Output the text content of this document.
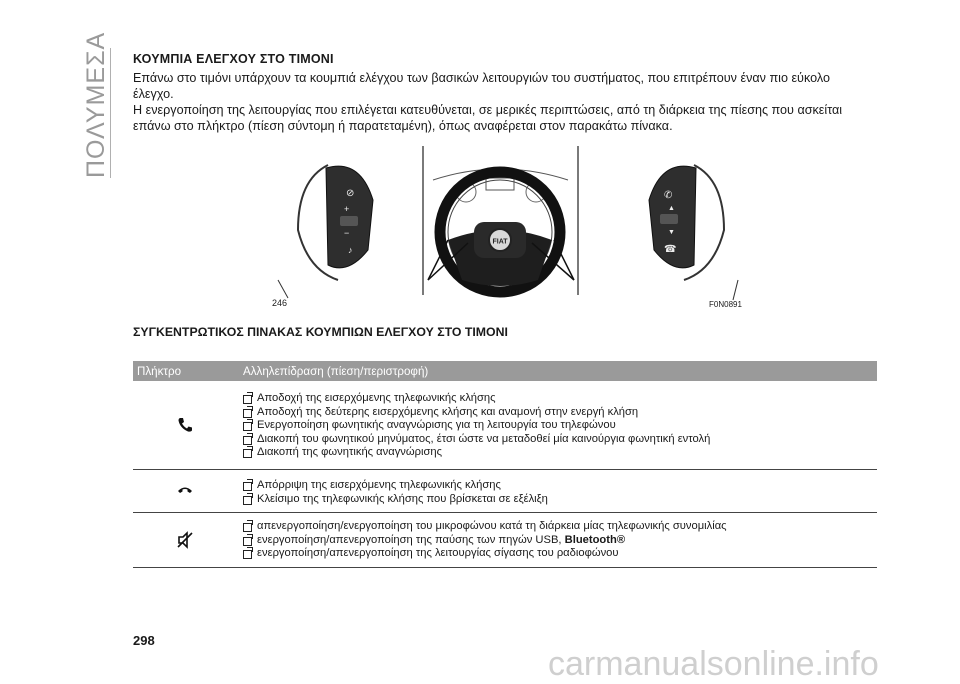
ΠΟΛΥΜΕΣΑ ΚΟΥΜΠΙΑ ΕΛΕΓΧΟΥ ΣΤΟ ΤΙΜΟΝΙ

Επάνω στο τιμόνι υπάρχουν τα κουμπιά ελέγχου των βασικών λειτουργιών του συστήματος, που επιτρέπουν έναν πιο εύκολο έλεγχο.

Η ενεργοποίηση της λειτουργίας που επιλέγεται κατευθύνεται, σε μερικές περιπτώσεις, από τη διάρκεια της πίεσης που ασκείται επάνω στο πλήκτρο (πίεση σύντομη ή παρατεταμένη), όπως αναφέρεται στον παρακάτω πίνακα.

FIAT
⊘
+
−
♪
✆
▲
▼
☎
246	F0N0891
ΣΥΓΚΕΝΤΡΩΤΙΚΟΣ ΠΙΝΑΚΑΣ ΚΟΥΜΠΙΩΝ ΕΛΕΓΧΟΥ ΣΤΟ ΤΙΜΟΝΙ
Πλήκτρο	Αλληλεπίδραση (πίεση/περιστροφή)
Αποδοχή της εισερχόμενης τηλεφωνικής κλήσης
Αποδοχή της δεύτερης εισερχόμενης κλήσης και αναμονή στην ενεργή κλήση
Ενεργοποίηση φωνητικής αναγνώρισης για τη λειτουργία του τηλεφώνου
Διακοπή του φωνητικού μηνύματος, έτσι ώστε να μεταδοθεί μία καινούργια φωνητική εντολή
Διακοπή της φωνητικής αναγνώρισης
Απόρριψη της εισερχόμενης τηλεφωνικής κλήσης
Κλείσιμο της τηλεφωνικής κλήσης που βρίσκεται σε εξέλιξη
απενεργοποίηση/ενεργοποίηση του μικροφώνου κατά τη διάρκεια μίας τηλεφωνικής συνομιλίας
ενεργοποίηση/απενεργοποίηση της παύσης των πηγών USB, Bluetooth®
ενεργοποίηση/απενεργοποίηση της λειτουργίας σίγασης του ραδιοφώνου
298
carmanualsonline.info
